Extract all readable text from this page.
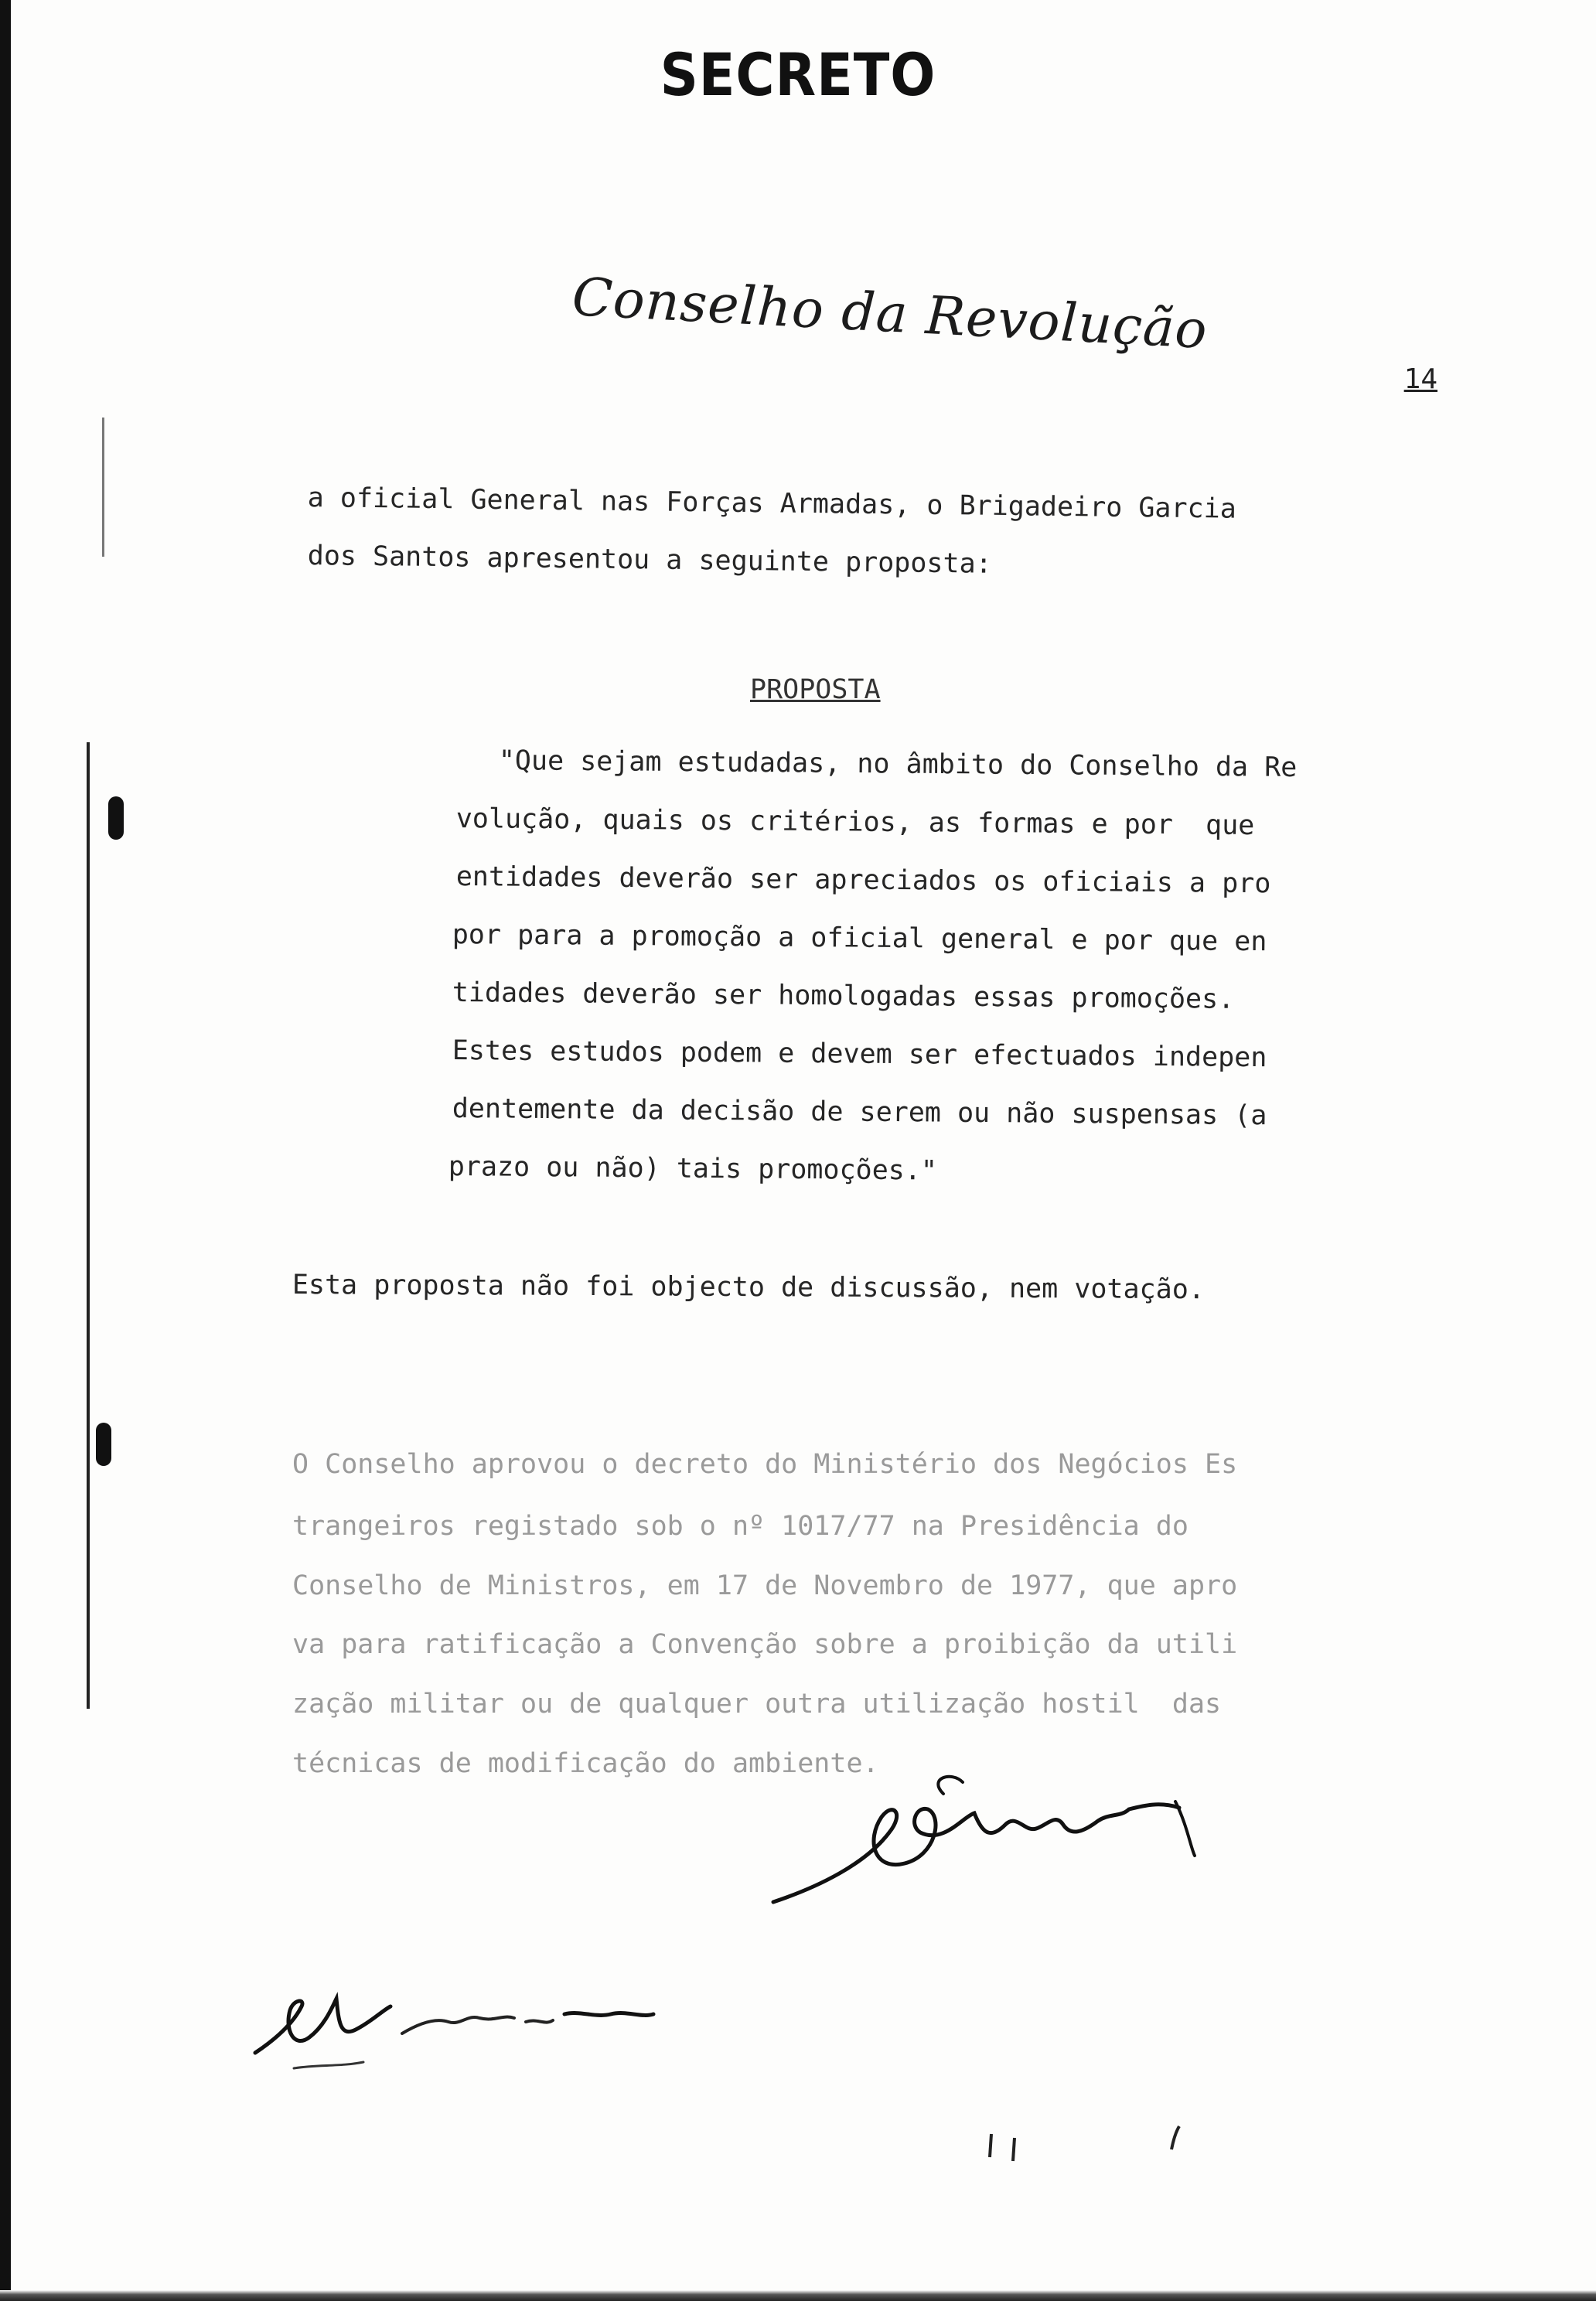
SECRETO
Conselho da Revolução
14
a oficial General nas Forças Armadas, o Brigadeiro Garcia
dos Santos apresentou a seguinte proposta:
PROPOSTA
"Que sejam estudadas, no âmbito do Conselho da Re
volução, quais os critérios, as formas e por  que
entidades deverão ser apreciados os oficiais a pro
por para a promoção a oficial general e por que en
tidades deverão ser homologadas essas promoções.
Estes estudos podem e devem ser efectuados indepen
dentemente da decisão de serem ou não suspensas (a
prazo ou não) tais promoções."
Esta proposta não foi objecto de discussão, nem votação.
O Conselho aprovou o decreto do Ministério dos Negócios Es
trangeiros registado sob o nº 1017/77 na Presidência do
Conselho de Ministros, em 17 de Novembro de 1977, que apro
va para ratificação a Convenção sobre a proibição da utili
zação militar ou de qualquer outra utilização hostil  das
técnicas de modificação do ambiente.
